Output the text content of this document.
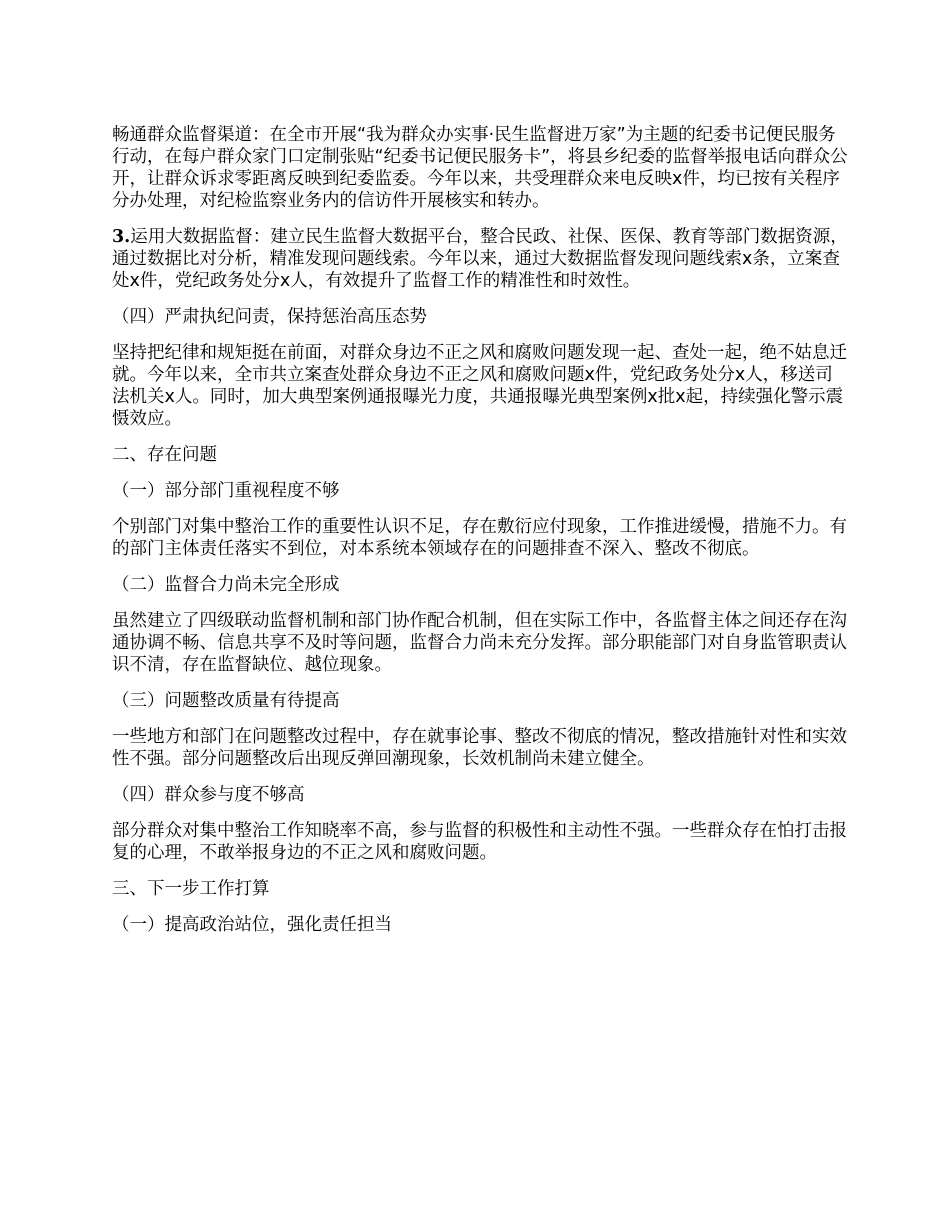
畅通群众监督渠道：在全市开展“我为群众办实事·民生监督进万家”为主题的纪委书记便民服务行动，在每户群众家门口定制张贴“纪委书记便民服务卡”，将县乡纪委的监督举报电话向群众公开，让群众诉求零距离反映到纪委监委。今年以来，共受理群众来电反映x件，均已按有关程序分办处理，对纪检监察业务内的信访件开展核实和转办。

3.运用大数据监督：建立民生监督大数据平台，整合民政、社保、医保、教育等部门数据资源，通过数据比对分析，精准发现问题线索。今年以来，通过大数据监督发现问题线索x条，立案查处x件，党纪政务处分x人，有效提升了监督工作的精准性和时效性。

（四）严肃执纪问责，保持惩治高压态势

坚持把纪律和规矩挺在前面，对群众身边不正之风和腐败问题发现一起、查处一起，绝不姑息迁就。今年以来，全市共立案查处群众身边不正之风和腐败问题x件，党纪政务处分x人，移送司法机关x人。同时，加大典型案例通报曝光力度，共通报曝光典型案例x批x起，持续强化警示震慑效应。

二、存在问题

（一）部分部门重视程度不够

个别部门对集中整治工作的重要性认识不足，存在敷衍应付现象，工作推进缓慢，措施不力。有的部门主体责任落实不到位，对本系统本领域存在的问题排查不深入、整改不彻底。

（二）监督合力尚未完全形成

虽然建立了四级联动监督机制和部门协作配合机制，但在实际工作中，各监督主体之间还存在沟通协调不畅、信息共享不及时等问题，监督合力尚未充分发挥。部分职能部门对自身监管职责认识不清，存在监督缺位、越位现象。

（三）问题整改质量有待提高

一些地方和部门在问题整改过程中，存在就事论事、整改不彻底的情况，整改措施针对性和实效性不强。部分问题整改后出现反弹回潮现象，长效机制尚未建立健全。

（四）群众参与度不够高

部分群众对集中整治工作知晓率不高，参与监督的积极性和主动性不强。一些群众存在怕打击报复的心理，不敢举报身边的不正之风和腐败问题。

三、下一步工作打算

（一）提高政治站位，强化责任担当
